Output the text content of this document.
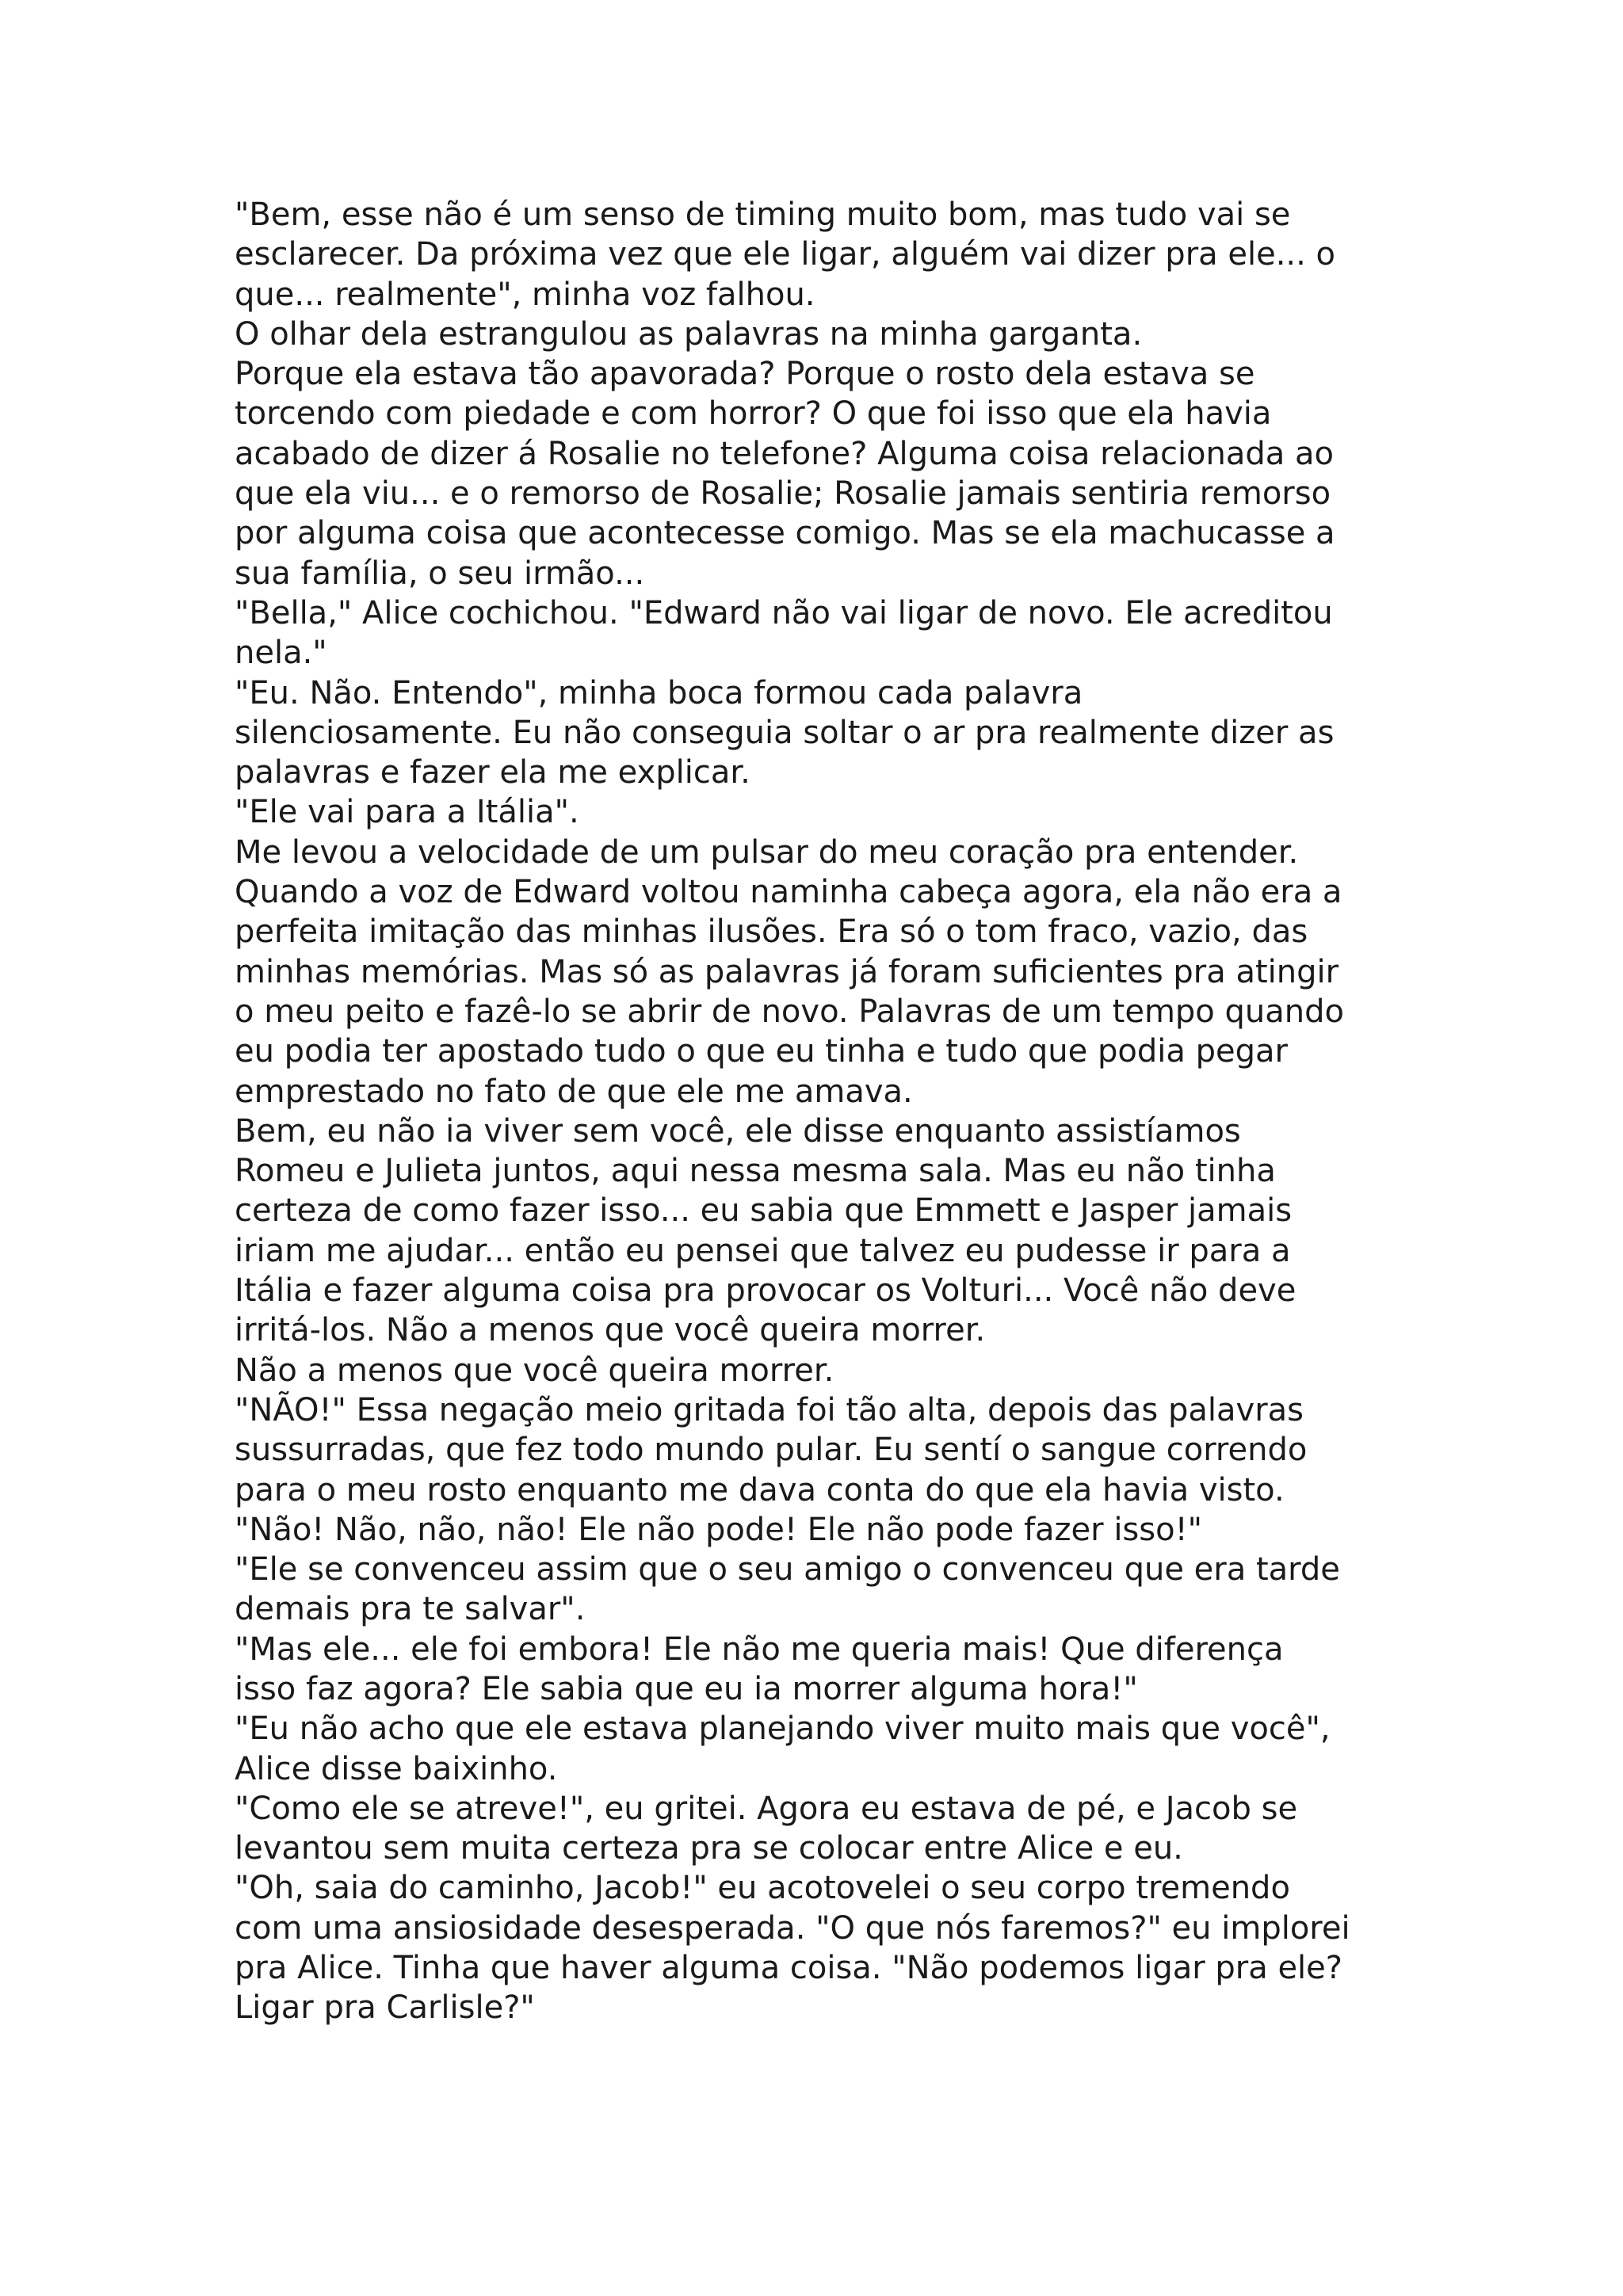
"Bem, esse não é um senso de timing muito bom, mas tudo vai se
esclarecer. Da próxima vez que ele ligar, alguém vai dizer pra ele... o
que... realmente", minha voz falhou.
O olhar dela estrangulou as palavras na minha garganta.
Porque ela estava tão apavorada? Porque o rosto dela estava se
torcendo com piedade e com horror? O que foi isso que ela havia
acabado de dizer á Rosalie no telefone? Alguma coisa relacionada ao
que ela viu... e o remorso de Rosalie; Rosalie jamais sentiria remorso
por alguma coisa que acontecesse comigo. Mas se ela machucasse a
sua família, o seu irmão...
"Bella," Alice cochichou. "Edward não vai ligar de novo. Ele acreditou
nela."
"Eu. Não. Entendo", minha boca formou cada palavra
silenciosamente. Eu não conseguia soltar o ar pra realmente dizer as
palavras e fazer ela me explicar.
"Ele vai para a Itália".
Me levou a velocidade de um pulsar do meu coração pra entender.
Quando a voz de Edward voltou naminha cabeça agora, ela não era a
perfeita imitação das minhas ilusões. Era só o tom fraco, vazio, das
minhas memórias. Mas só as palavras já foram suficientes pra atingir
o meu peito e fazê-lo se abrir de novo. Palavras de um tempo quando
eu podia ter apostado tudo o que eu tinha e tudo que podia pegar
emprestado no fato de que ele me amava.
Bem, eu não ia viver sem você, ele disse enquanto assistíamos
Romeu e Julieta juntos, aqui nessa mesma sala. Mas eu não tinha
certeza de como fazer isso... eu sabia que Emmett e Jasper jamais
iriam me ajudar... então eu pensei que talvez eu pudesse ir para a
Itália e fazer alguma coisa pra provocar os Volturi... Você não deve
irritá-los. Não a menos que você queira morrer.
Não a menos que você queira morrer.
"NÃO!" Essa negação meio gritada foi tão alta, depois das palavras
sussurradas, que fez todo mundo pular. Eu sentí o sangue correndo
para o meu rosto enquanto me dava conta do que ela havia visto.
"Não! Não, não, não! Ele não pode! Ele não pode fazer isso!"
"Ele se convenceu assim que o seu amigo o convenceu que era tarde
demais pra te salvar".
"Mas ele... ele foi embora! Ele não me queria mais! Que diferença
isso faz agora? Ele sabia que eu ia morrer alguma hora!"
"Eu não acho que ele estava planejando viver muito mais que você",
Alice disse baixinho.
"Como ele se atreve!", eu gritei. Agora eu estava de pé, e Jacob se
levantou sem muita certeza pra se colocar entre Alice e eu.
"Oh, saia do caminho, Jacob!" eu acotovelei o seu corpo tremendo
com uma ansiosidade desesperada. "O que nós faremos?" eu implorei
pra Alice. Tinha que haver alguma coisa. "Não podemos ligar pra ele?
Ligar pra Carlisle?"
